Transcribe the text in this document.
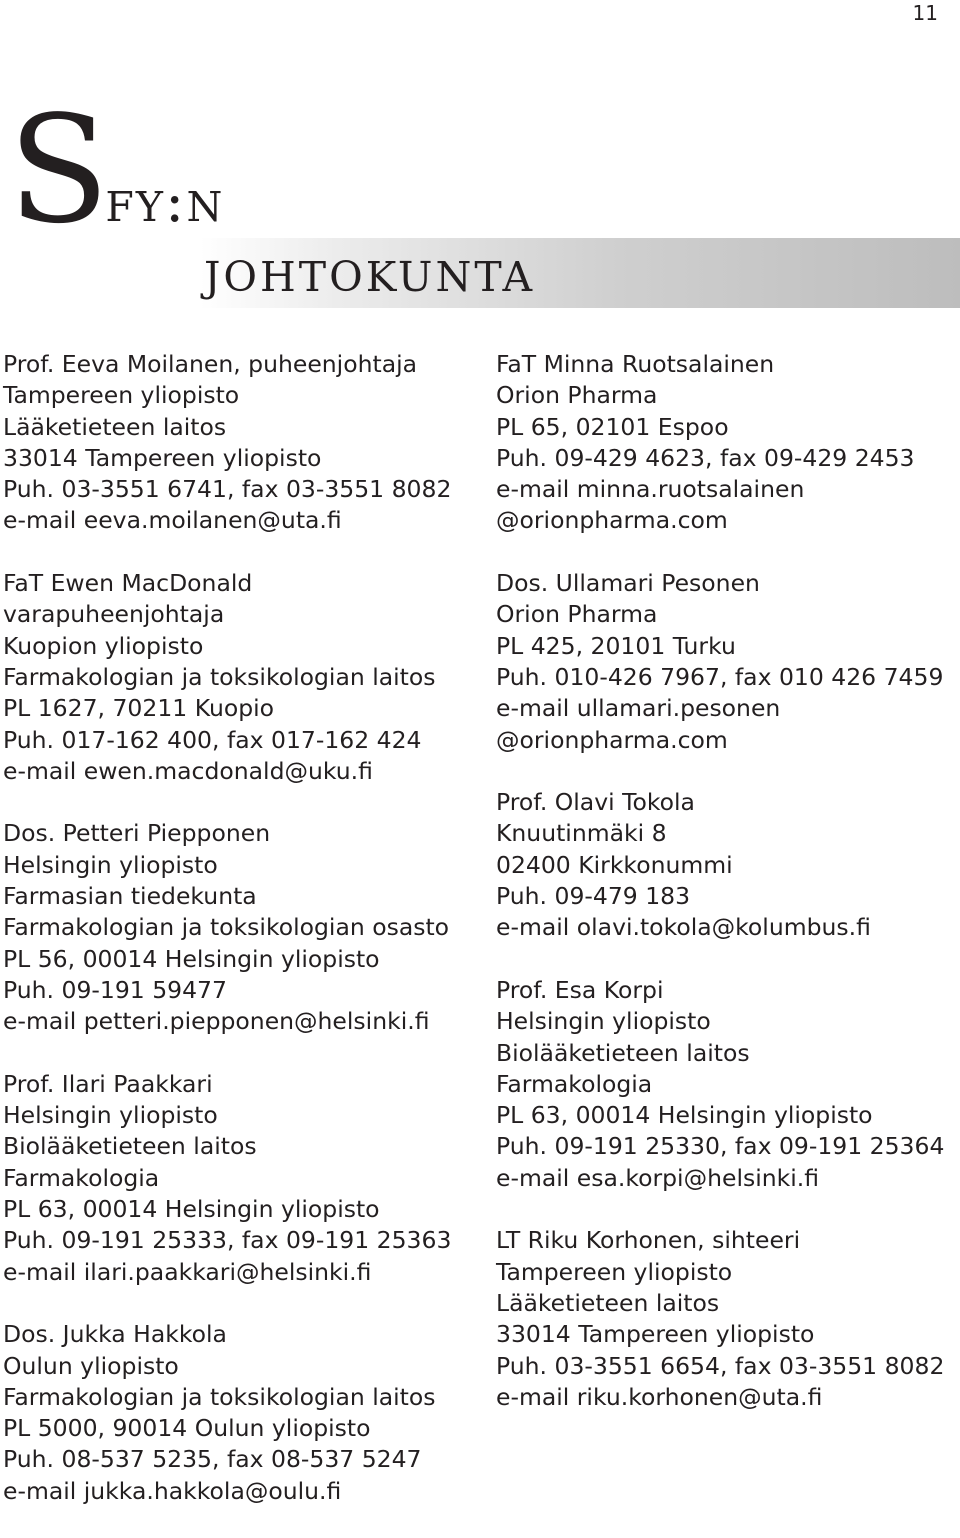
11
Sfy:n
johtokunta
Prof. Eeva Moilanen, puheenjohtaja
Tampereen yliopisto
Lääketieteen laitos
33014 Tampereen yliopisto
Puh. 03-3551 6741, fax 03-3551 8082
e-mail eeva.moilanen@uta.fi
FaT Ewen MacDonald
varapuheenjohtaja
Kuopion yliopisto
Farmakologian ja toksikologian laitos
PL 1627, 70211 Kuopio
Puh. 017-162 400, fax 017-162 424
e-mail ewen.macdonald@uku.fi
Dos. Petteri Piepponen
Helsingin yliopisto
Farmasian tiedekunta
Farmakologian ja toksikologian osasto
PL 56, 00014 Helsingin yliopisto
Puh. 09-191 59477
e-mail petteri.piepponen@helsinki.fi
Prof. Ilari Paakkari
Helsingin yliopisto
Biolääketieteen laitos
Farmakologia
PL 63, 00014 Helsingin yliopisto
Puh. 09-191 25333, fax 09-191 25363
e-mail ilari.paakkari@helsinki.fi
Dos. Jukka Hakkola
Oulun yliopisto
Farmakologian ja toksikologian laitos
PL 5000, 90014 Oulun yliopisto
Puh. 08-537 5235, fax 08-537 5247
e-mail jukka.hakkola@oulu.fi
FaT Minna Ruotsalainen
Orion Pharma
PL 65, 02101 Espoo
Puh. 09-429 4623, fax 09-429 2453
e-mail minna.ruotsalainen
@orionpharma.com
Dos. Ullamari Pesonen
Orion Pharma
PL 425, 20101 Turku
Puh. 010-426 7967, fax 010 426 7459
e-mail ullamari.pesonen
@orionpharma.com
Prof. Olavi Tokola
Knuutinmäki 8
02400 Kirkkonummi
Puh. 09-479 183
e-mail olavi.tokola@kolumbus.fi
Prof. Esa Korpi
Helsingin yliopisto
Biolääketieteen laitos
Farmakologia
PL 63, 00014 Helsingin yliopisto
Puh. 09-191 25330, fax 09-191 25364
e-mail esa.korpi@helsinki.fi
LT Riku Korhonen, sihteeri
Tampereen yliopisto
Lääketieteen laitos
33014 Tampereen yliopisto
Puh. 03-3551 6654, fax 03-3551 8082
e-mail riku.korhonen@uta.fi
